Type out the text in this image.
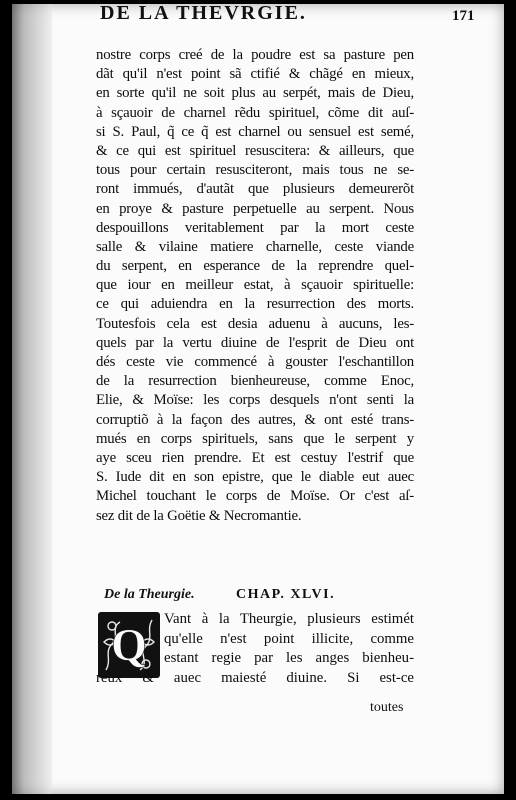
DE LA THEVRGIE.	171
nostre corps creé de la poudre est sa pasture pen
dãt qu'il n'est point sã ctifié & chãgé en mieux,
en sorte qu'il ne soit plus au serpét, mais de Dieu,
à sçauoir de charnel rẽdu spirituel, cõme dit auſ-
si S. Paul, q̃ ce q̃ est charnel ou sensuel est semé,
& ce qui est spirituel resuscitera: & ailleurs, que
tous pour certain resusciteront, mais tous ne se-
ront immués, d'autãt que plusieurs demeurerõt
en proye & pasture perpetuelle au serpent. Nous
despouillons veritablement par la mort ceste
salle & vilaine matiere charnelle, ceste viande
du serpent, en esperance de la reprendre quel-
que iour en meilleur estat, à sçauoir spirituelle:
ce qui aduiendra en la resurrection des morts.
Toutesfois cela est desia aduenu à aucuns, les-
quels par la vertu diuine de l'esprit de Dieu ont
dés ceste vie commencé à gouster l'eschantillon
de la resurrection bienheureuse, comme Enoc,
Elie, & Moïse: les corps desquels n'ont senti la
corruptiõ à la façon des autres, & ont esté trans-
mués en corps spirituels, sans que le serpent y
aye sceu rien prendre. Et est cestuy l'estrif que
S. Iude dit en son epistre, que le diable eut auec
Michel touchant le corps de Moïse. Or c'est aſ-
sez dit de la Goëtie & Necromantie.
De la Theurgie.	CHAP. XLVI.
Q	Vant à la Theurgie, plusieurs estimét
qu'elle n'est point illicite, comme
estant regie par les anges bienheu-
reux & auec maiesté diuine. Si est-ce
toutes
